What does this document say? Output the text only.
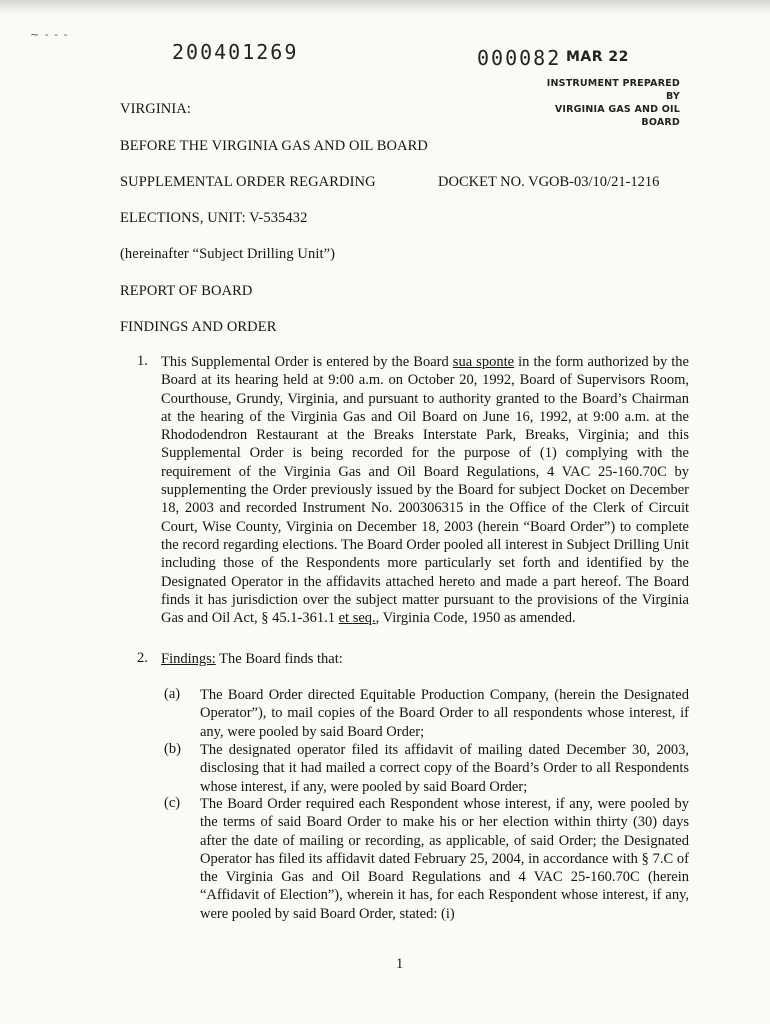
~ - - -
200401269	000082 MAR 22
INSTRUMENT PREPARED BY
VIRGINIA GAS AND OIL BOARD
VIRGINIA:
BEFORE THE VIRGINIA GAS AND OIL BOARD
SUPPLEMENTAL ORDER REGARDING	DOCKET NO. VGOB-03/10/21-1216
ELECTIONS, UNIT: V-535432
(hereinafter “Subject Drilling Unit”)
REPORT OF BOARD
FINDINGS AND ORDER
1. This Supplemental Order is entered by the Board sua sponte in the form authorized by the Board at its hearing held at 9:00 a.m. on October 20, 1992, Board of Supervisors Room, Courthouse, Grundy, Virginia, and pursuant to authority granted to the Board’s Chairman at the hearing of the Virginia Gas and Oil Board on June 16, 1992, at 9:00 a.m. at the Rhododendron Restaurant at the Breaks Interstate Park, Breaks, Virginia; and this Supplemental Order is being recorded for the purpose of (1) complying with the requirement of the Virginia Gas and Oil Board Regulations, 4 VAC 25-160.70C by supplementing the Order previously issued by the Board for subject Docket on December 18, 2003 and recorded Instrument No. 200306315 in the Office of the Clerk of Circuit Court, Wise County, Virginia on December 18, 2003 (herein “Board Order”) to complete the record regarding elections. The Board Order pooled all interest in Subject Drilling Unit including those of the Respondents more particularly set forth and identified by the Designated Operator in the affidavits attached hereto and made a part hereof. The Board finds it has jurisdiction over the subject matter pursuant to the provisions of the Virginia Gas and Oil Act, § 45.1-361.1 et seq., Virginia Code, 1950 as amended.
2. Findings: The Board finds that:
(a) The Board Order directed Equitable Production Company, (herein the Designated Operator”), to mail copies of the Board Order to all respondents whose interest, if any, were pooled by said Board Order;
(b) The designated operator filed its affidavit of mailing dated December 30, 2003, disclosing that it had mailed a correct copy of the Board’s Order to all Respondents whose interest, if any, were pooled by said Board Order;
(c) The Board Order required each Respondent whose interest, if any, were pooled by the terms of said Board Order to make his or her election within thirty (30) days after the date of mailing or recording, as applicable, of said Order; the Designated Operator has filed its affidavit dated February 25, 2004, in accordance with § 7.C of the Virginia Gas and Oil Board Regulations and 4 VAC 25-160.70C (herein “Affidavit of Election”), wherein it has, for each Respondent whose interest, if any, were pooled by said Board Order, stated: (i)
1
